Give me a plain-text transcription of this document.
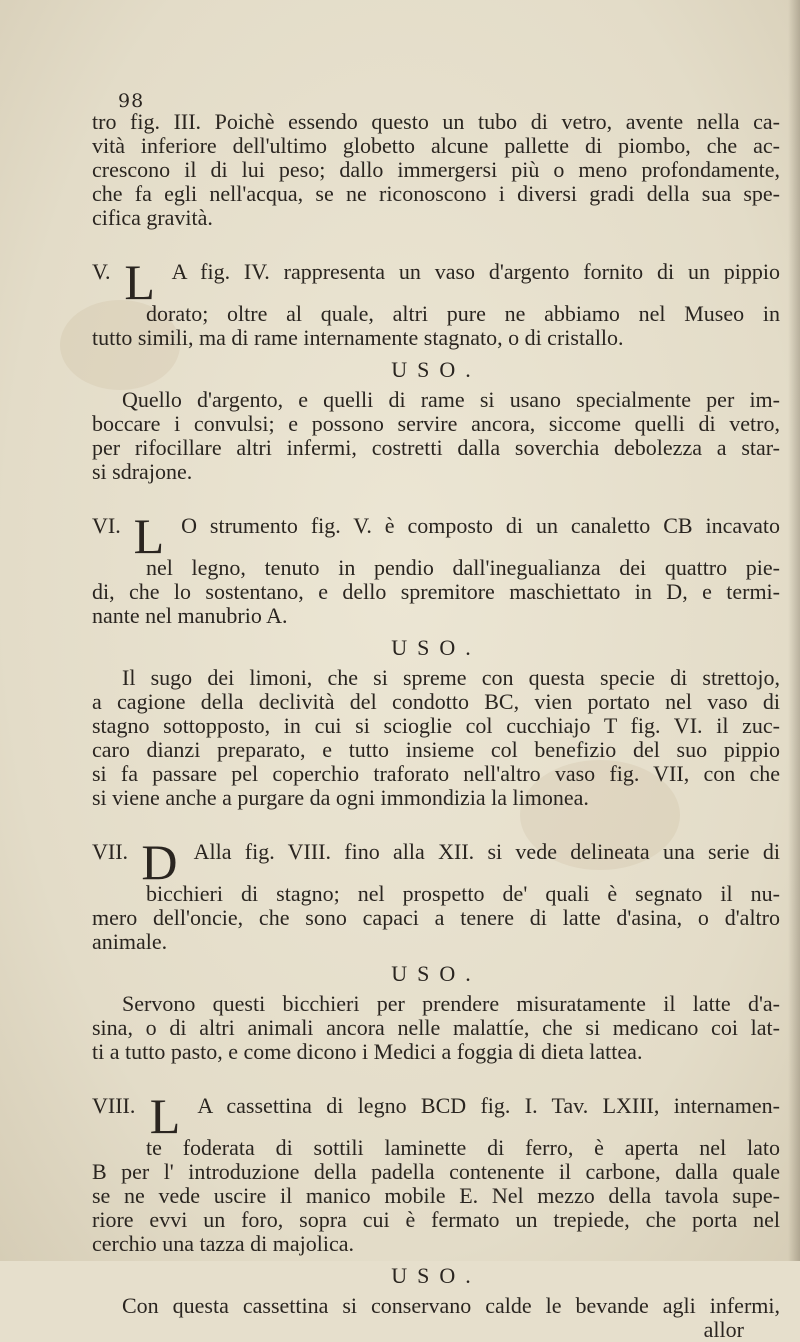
98
tro fig. III. Poichè essendo questo un tubo di vetro, avente nella ca-
vità inferiore dell'ultimo globetto alcune pallette di piombo, che ac-
crescono il di lui peso; dallo immergersi più o meno profondamente,
che fa egli nell'acqua, se ne riconoscono i diversi gradi della sua spe-
cifica gravità.
V. L A fig. IV. rappresenta un vaso d'argento fornito di un pippio
dorato; oltre al quale, altri pure ne abbiamo nel Museo in
tutto simili, ma di rame internamente stagnato, o di cristallo.
USO.
Quello d'argento, e quelli di rame si usano specialmente per im-
boccare i convulsi; e possono servire ancora, siccome quelli di vetro,
per rifocillare altri infermi, costretti dalla soverchia debolezza a star-
si sdrajone.
VI. L O strumento fig. V. è composto di un canaletto CB incavato
nel legno, tenuto in pendio dall'inegualianza dei quattro pie-
di, che lo sostentano, e dello spremitore maschiettato in D, e termi-
nante nel manubrio A.
USO.
Il sugo dei limoni, che si spreme con questa specie di strettojo,
a cagione della declività del condotto BC, vien portato nel vaso di
stagno sottopposto, in cui si scioglie col cucchiajo T fig. VI. il zuc-
caro dianzi preparato, e tutto insieme col benefizio del suo pippio
si fa passare pel coperchio traforato nell'altro vaso fig. VII, con che
si viene anche a purgare da ogni immondizia la limonea.
VII. D Alla fig. VIII. fino alla XII. si vede delineata una serie di
bicchieri di stagno; nel prospetto de' quali è segnato il nu-
mero dell'oncie, che sono capaci a tenere di latte d'asina, o d'altro
animale.
USO.
Servono questi bicchieri per prendere misuratamente il latte d'a-
sina, o di altri animali ancora nelle malattíe, che si medicano coi lat-
ti a tutto pasto, e come dicono i Medici a foggia di dieta lattea.
VIII. L A cassettina di legno BCD fig. I. Tav. LXIII, internamen-
te foderata di sottili laminette di ferro, è aperta nel lato
B per l' introduzione della padella contenente il carbone, dalla quale
se ne vede uscire il manico mobile E. Nel mezzo della tavola supe-
riore evvi un foro, sopra cui è fermato un trepiede, che porta nel
cerchio una tazza di majolica.
USO.
Con questa cassettina si conservano calde le bevande agli infermi,
allor
